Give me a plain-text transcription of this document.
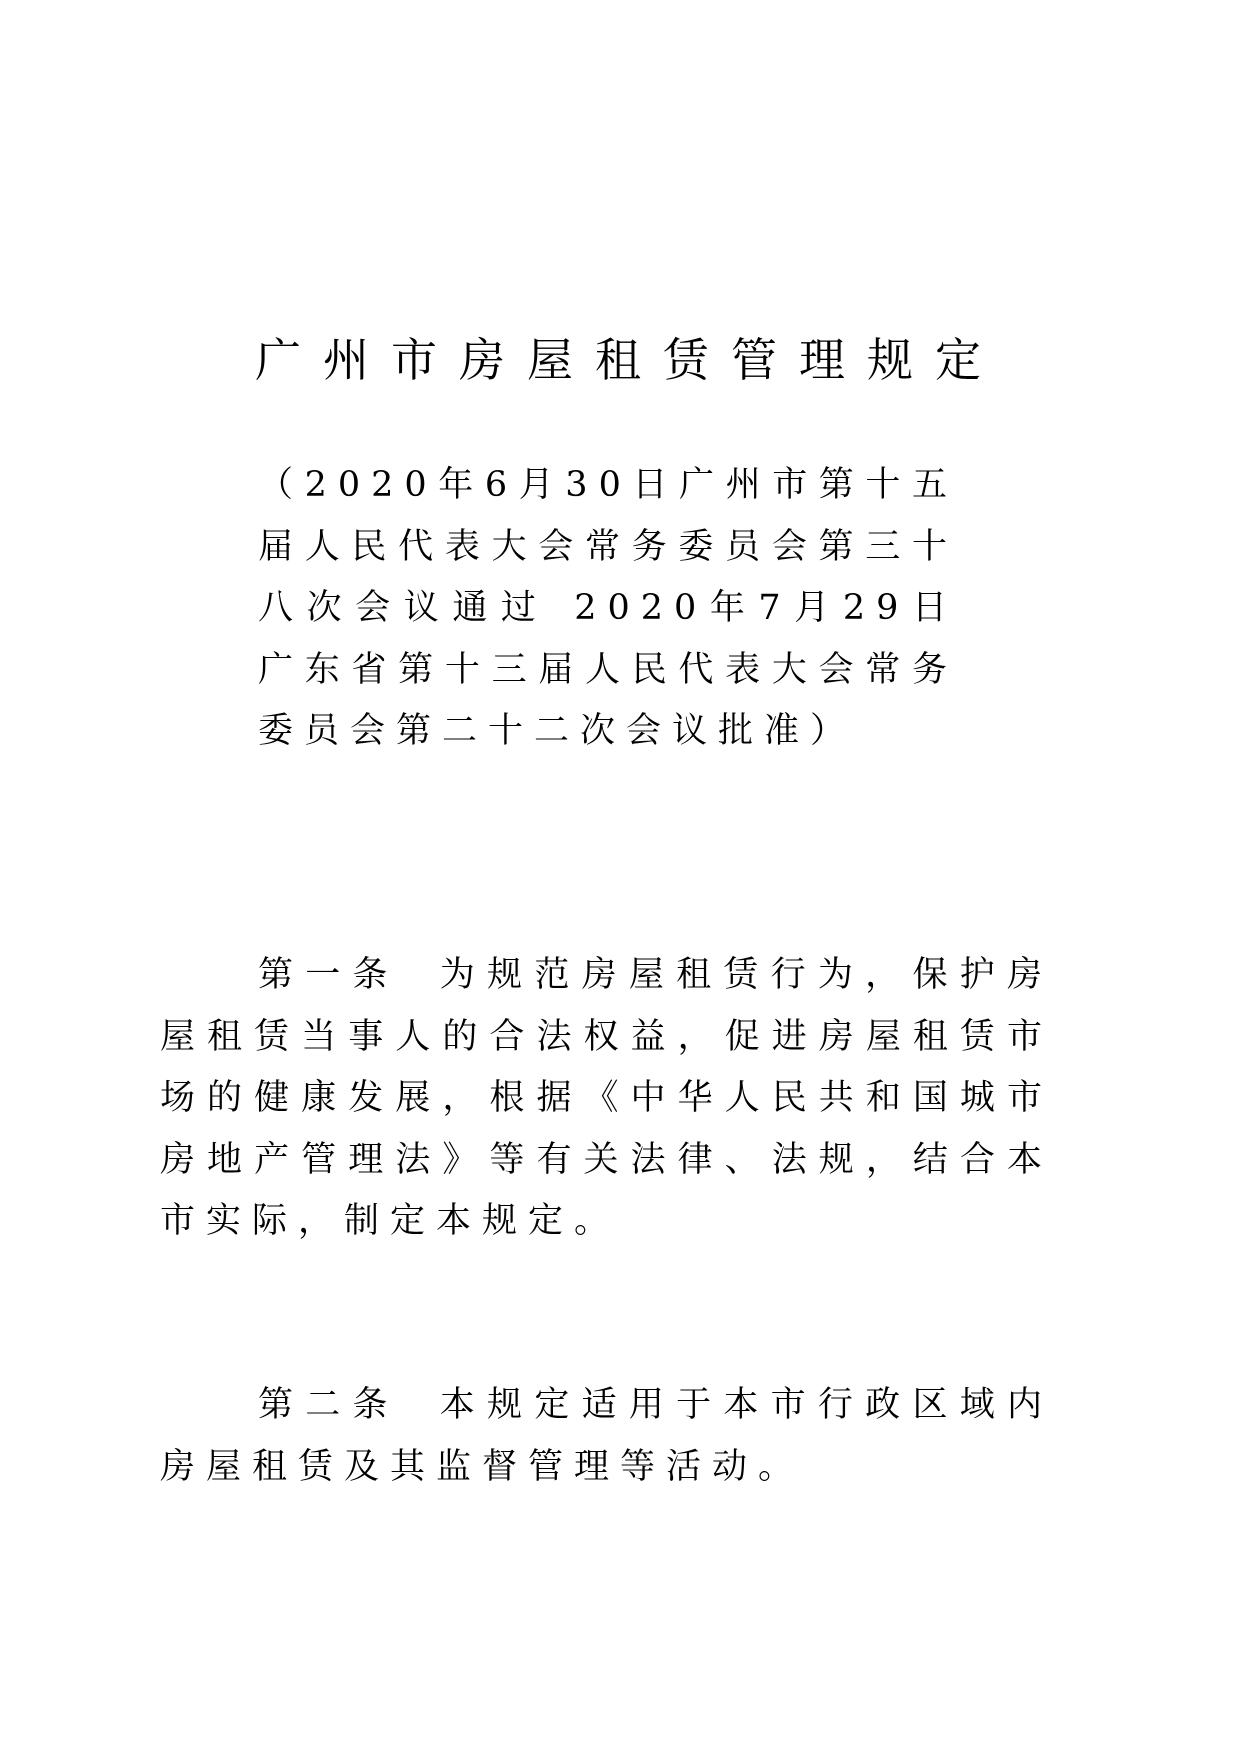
广州市房屋租赁管理规定

（2020年6月30日广州市第十五届人民代表大会常务委员会第三十八次会议通过 2020年7月29日广东省第十三届人民代表大会常务委员会第二十二次会议批准）

第一条 为规范房屋租赁行为，保护房屋租赁当事人的合法权益，促进房屋租赁市场的健康发展，根据《中华人民共和国城市房地产管理法》等有关法律、法规，结合本市实际，制定本规定。

第二条 本规定适用于本市行政区域内房屋租赁及其监督管理等活动。
